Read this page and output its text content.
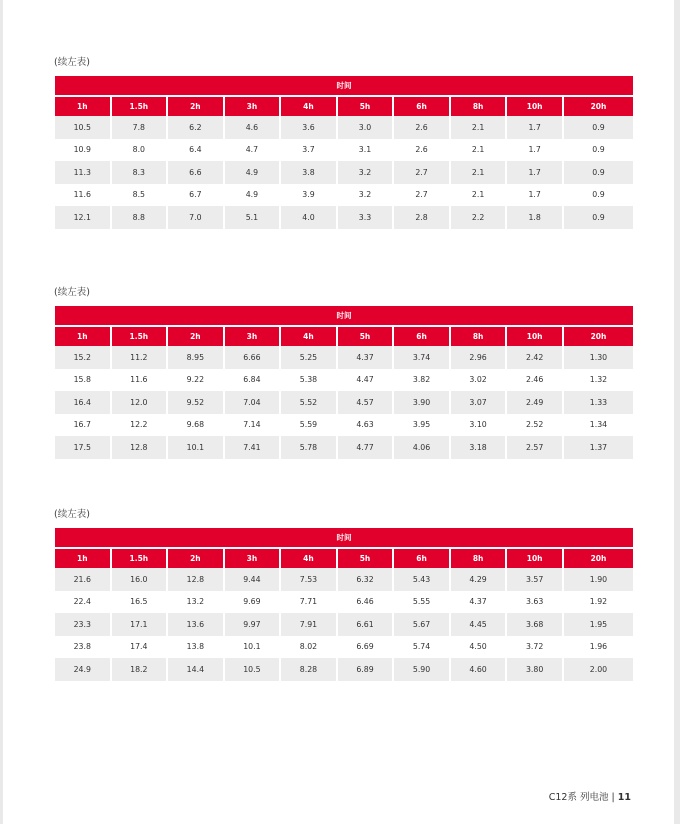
(续左表)
时间									
1h	1.5h	2h	3h	4h	5h	6h	8h	10h	20h
10.5	7.8	6.2	4.6	3.6	3.0	2.6	2.1	1.7	0.9
10.9	8.0	6.4	4.7	3.7	3.1	2.6	2.1	1.7	0.9
11.3	8.3	6.6	4.9	3.8	3.2	2.7	2.1	1.7	0.9
11.6	8.5	6.7	4.9	3.9	3.2	2.7	2.1	1.7	0.9
12.1	8.8	7.0	5.1	4.0	3.3	2.8	2.2	1.8	0.9
(续左表)
时间									
1h	1.5h	2h	3h	4h	5h	6h	8h	10h	20h
15.2	11.2	8.95	6.66	5.25	4.37	3.74	2.96	2.42	1.30
15.8	11.6	9.22	6.84	5.38	4.47	3.82	3.02	2.46	1.32
16.4	12.0	9.52	7.04	5.52	4.57	3.90	3.07	2.49	1.33
16.7	12.2	9.68	7.14	5.59	4.63	3.95	3.10	2.52	1.34
17.5	12.8	10.1	7.41	5.78	4.77	4.06	3.18	2.57	1.37
(续左表)
时间									
1h	1.5h	2h	3h	4h	5h	6h	8h	10h	20h
21.6	16.0	12.8	9.44	7.53	6.32	5.43	4.29	3.57	1.90
22.4	16.5	13.2	9.69	7.71	6.46	5.55	4.37	3.63	1.92
23.3	17.1	13.6	9.97	7.91	6.61	5.67	4.45	3.68	1.95
23.8	17.4	13.8	10.1	8.02	6.69	5.74	4.50	3.72	1.96
24.9	18.2	14.4	10.5	8.28	6.89	5.90	4.60	3.80	2.00
C12系 列电池 | 11
